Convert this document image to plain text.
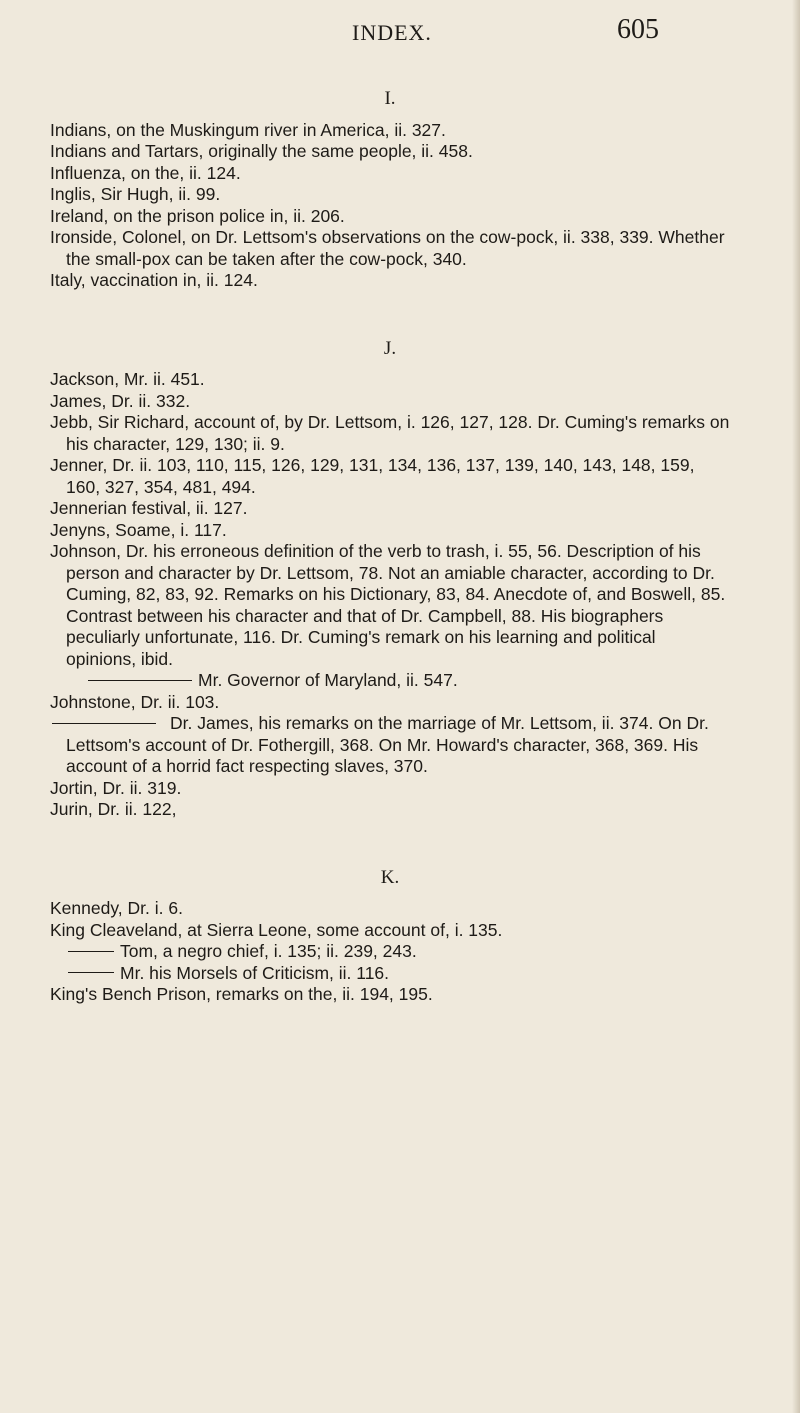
INDEX.	605

I.

Indians, on the Muskingum river in America, ii. 327.

Indians and Tartars, originally the same people, ii. 458.

Influenza, on the, ii. 124.

Inglis, Sir Hugh, ii. 99.

Ireland, on the prison police in, ii. 206.

Ironside, Colonel, on Dr. Lettsom's observations on the cow-pock, ii. 338, 339. Whether the small-pox can be taken after the cow-pock, 340.

Italy, vaccination in, ii. 124.

J.

Jackson, Mr. ii. 451.

James, Dr. ii. 332.

Jebb, Sir Richard, account of, by Dr. Lettsom, i. 126, 127, 128. Dr. Cuming's remarks on his character, 129, 130; ii. 9.

Jenner, Dr. ii. 103, 110, 115, 126, 129, 131, 134, 136, 137, 139, 140, 143, 148, 159, 160, 327, 354, 481, 494.

Jennerian festival, ii. 127.

Jenyns, Soame, i. 117.

Johnson, Dr. his erroneous definition of the verb to trash, i. 55, 56. Description of his person and character by Dr. Lettsom, 78. Not an amiable character, according to Dr. Cuming, 82, 83, 92. Remarks on his Dictionary, 83, 84. Anecdote of, and Boswell, 85. Contrast between his character and that of Dr. Campbell, 88. His biographers peculiarly unfortunate, 116. Dr. Cuming's remark on his learning and political opinions, ibid.

Mr. Governor of Maryland, ii. 547.

Johnstone, Dr. ii. 103.

Dr. James, his remarks on the marriage of Mr. Lettsom, ii. 374. On Dr. Lettsom's account of Dr. Fothergill, 368. On Mr. Howard's character, 368, 369. His account of a horrid fact respecting slaves, 370.

Jortin, Dr. ii. 319.

Jurin, Dr. ii. 122,

K.

Kennedy, Dr. i. 6.

King Cleaveland, at Sierra Leone, some account of, i. 135.

Tom, a negro chief, i. 135; ii. 239, 243.

Mr. his Morsels of Criticism, ii. 116.

King's Bench Prison, remarks on the, ii. 194, 195.
